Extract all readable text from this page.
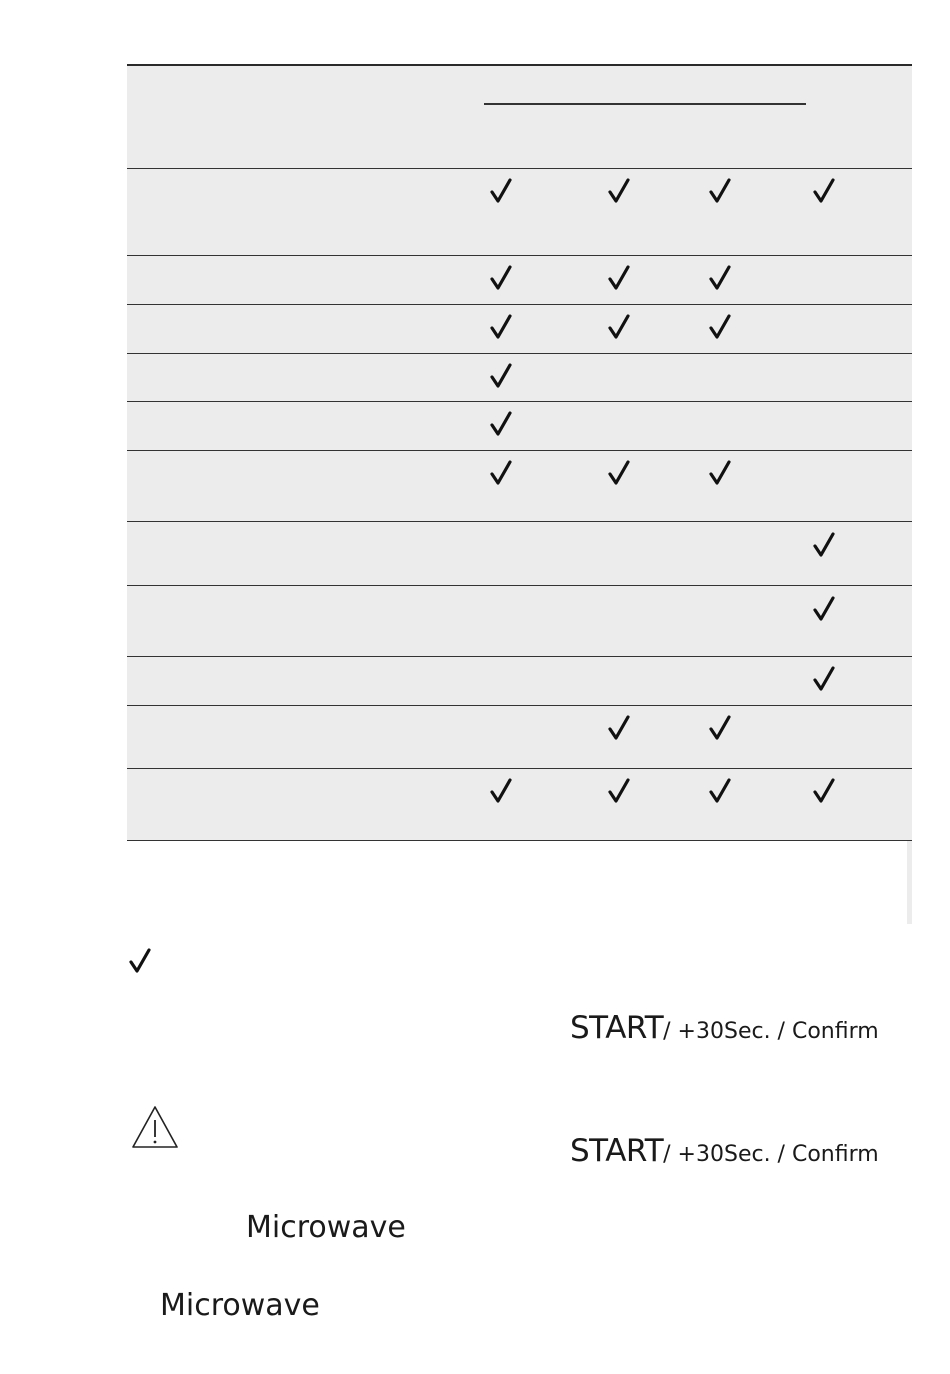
START/ +30Sec. / Confirm
START/ +30Sec. / Confirm
Microwave
Microwave
